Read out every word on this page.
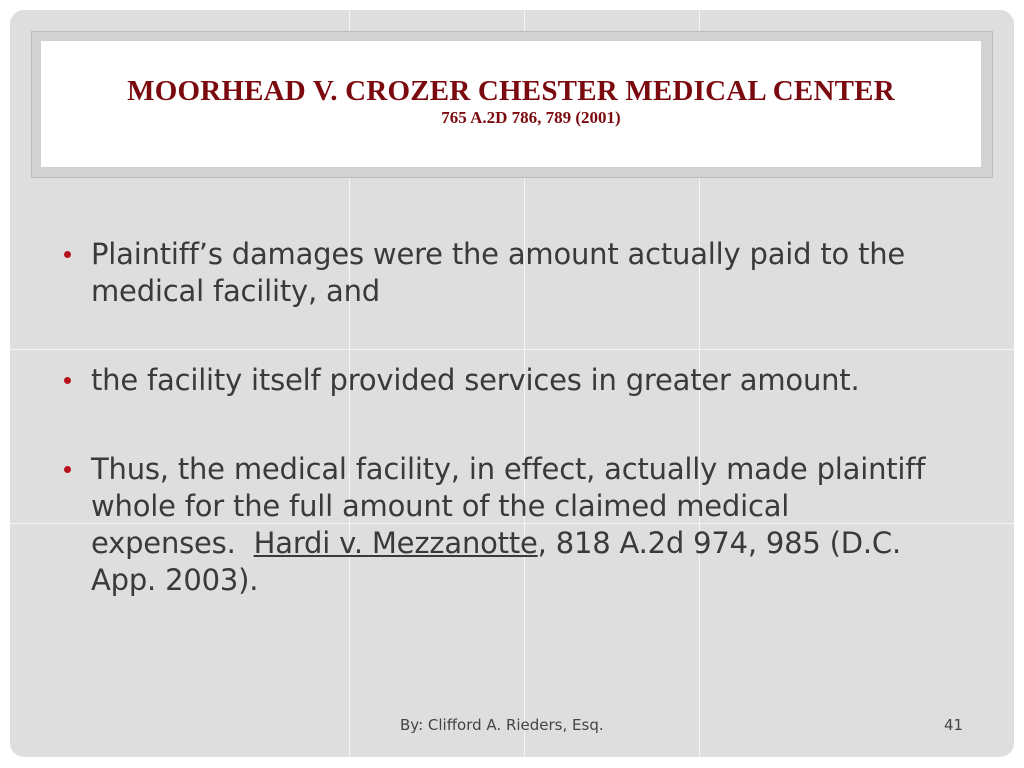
MOORHEAD V. CROZER CHESTER MEDICAL CENTER
765 A.2D 786, 789 (2001)
Plaintiff’s damages were the amount actually paid to the medical facility, and
the facility itself provided services in greater amount.
Thus, the medical facility, in effect, actually made plaintiff whole for the full amount of the claimed medical expenses.  Hardi v. Mezzanotte, 818 A.2d 974, 985 (D.C. App. 2003).
By: Clifford A. Rieders, Esq.	41
